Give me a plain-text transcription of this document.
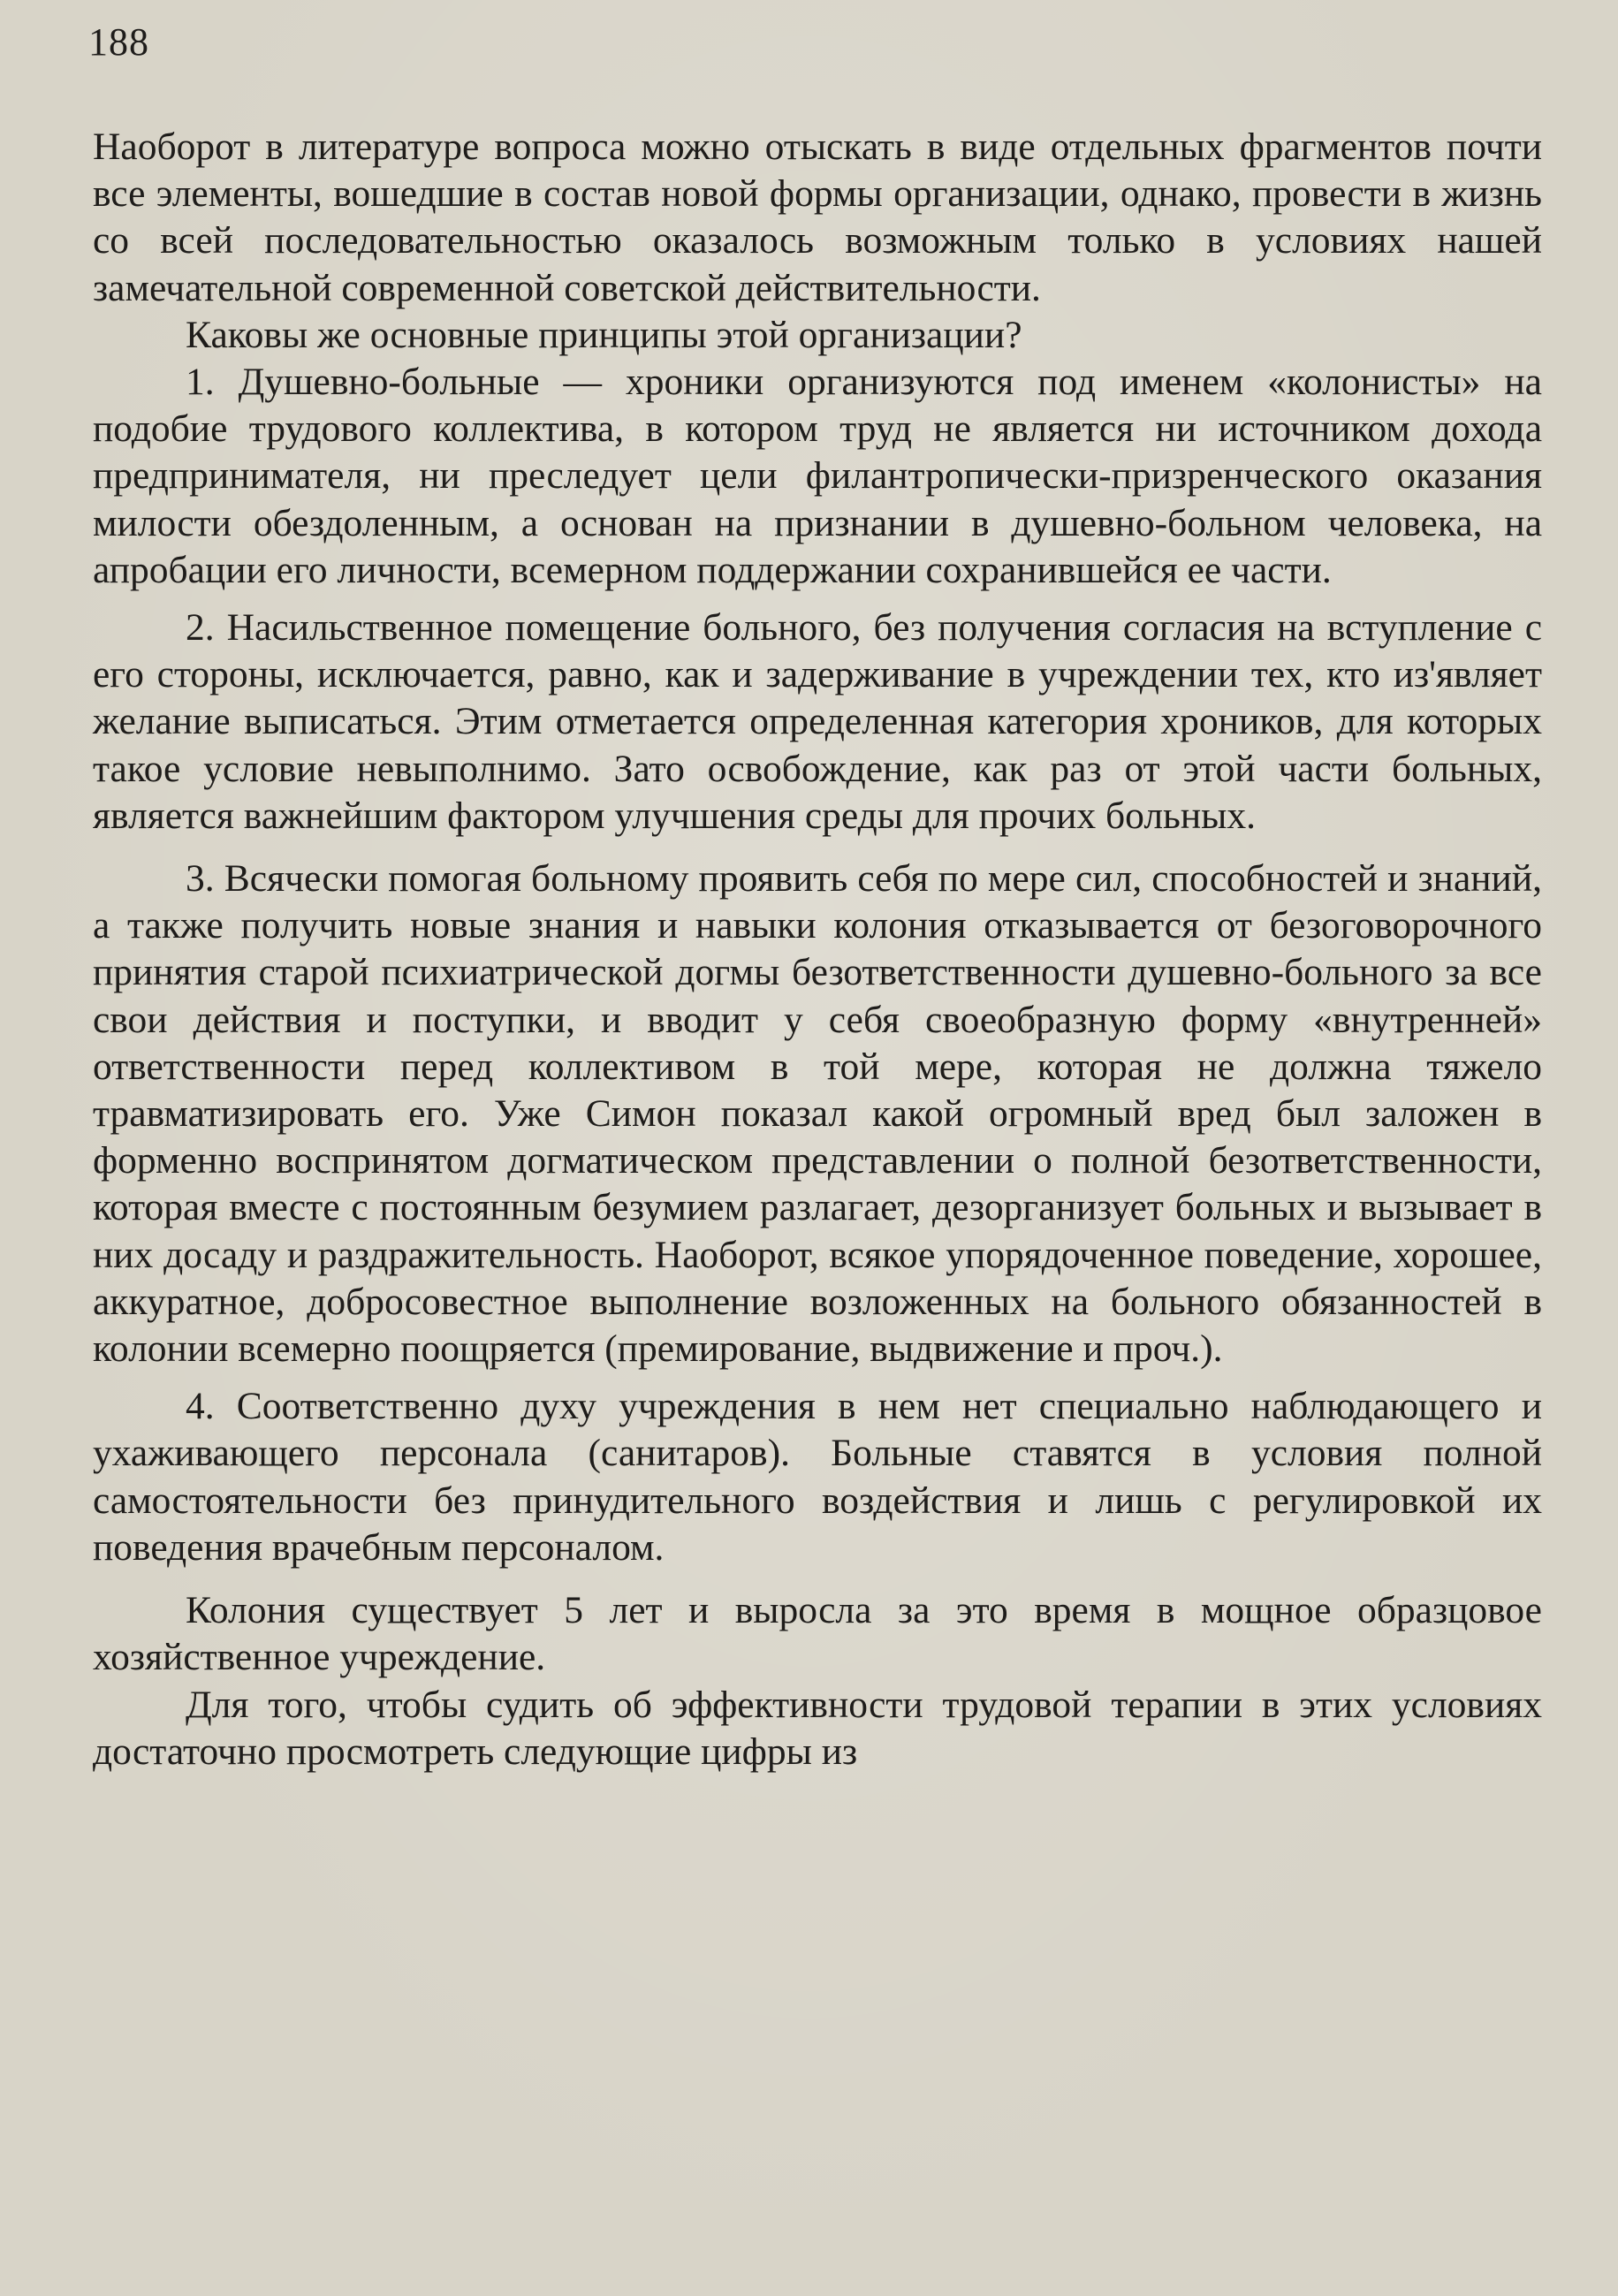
188

Наоборот в литературе вопроса можно отыскать в виде отдельных фрагментов почти все элементы, вошедшие в состав новой формы организации, однако, провести в жизнь со всей последовательностью оказалось возможным только в условиях нашей замечательной современной советской действительности.

Каковы же основные принципы этой организации?

1. Душевно-больные — хроники организуются под именем «колонисты» на подобие трудового коллектива, в котором труд не является ни источником дохода предпринимателя, ни преследует цели филантропически-призренческого оказания милости обездоленным, а основан на признании в душевно-больном человека, на апробации его личности, всемерном поддержании сохранившейся ее части.

2. Насильственное помещение больного, без получения согласия на вступление с его стороны, исключается, равно, как и задерживание в учреждении тех, кто из'являет желание выписаться. Этим отметается определенная категория хроников, для которых такое условие невыполнимо. Зато освобождение, как раз от этой части больных, является важнейшим фактором улучшения среды для прочих больных.

3. Всячески помогая больному проявить себя по мере сил, способностей и знаний, а также получить новые знания и навыки колония отказывается от безоговорочного принятия старой психиатрической догмы безответственности душевно-больного за все свои действия и поступки, и вводит у себя своеобразную форму «внутренней» ответственности перед коллективом в той мере, которая не должна тяжело травматизировать его. Уже Симон показал какой огромный вред был заложен в форменно воспринятом догматическом представлении о полной безответственности, которая вместе с постоянным безумием разлагает, дезорганизует больных и вызывает в них досаду и раздражительность. Наоборот, всякое упорядоченное поведение, хорошее, аккуратное, добросовестное выполнение возложенных на больного обязанностей в колонии всемерно поощряется (премирование, выдвижение и проч.).

4. Соответственно духу учреждения в нем нет специально наблюдающего и ухаживающего персонала (санитаров). Больные ставятся в условия полной самостоятельности без принудительного воздействия и лишь с регулировкой их поведения врачебным персоналом.

Колония существует 5 лет и выросла за это время в мощное образцовое хозяйственное учреждение.

Для того, чтобы судить об эффективности трудовой терапии в этих условиях достаточно просмотреть следующие цифры из
